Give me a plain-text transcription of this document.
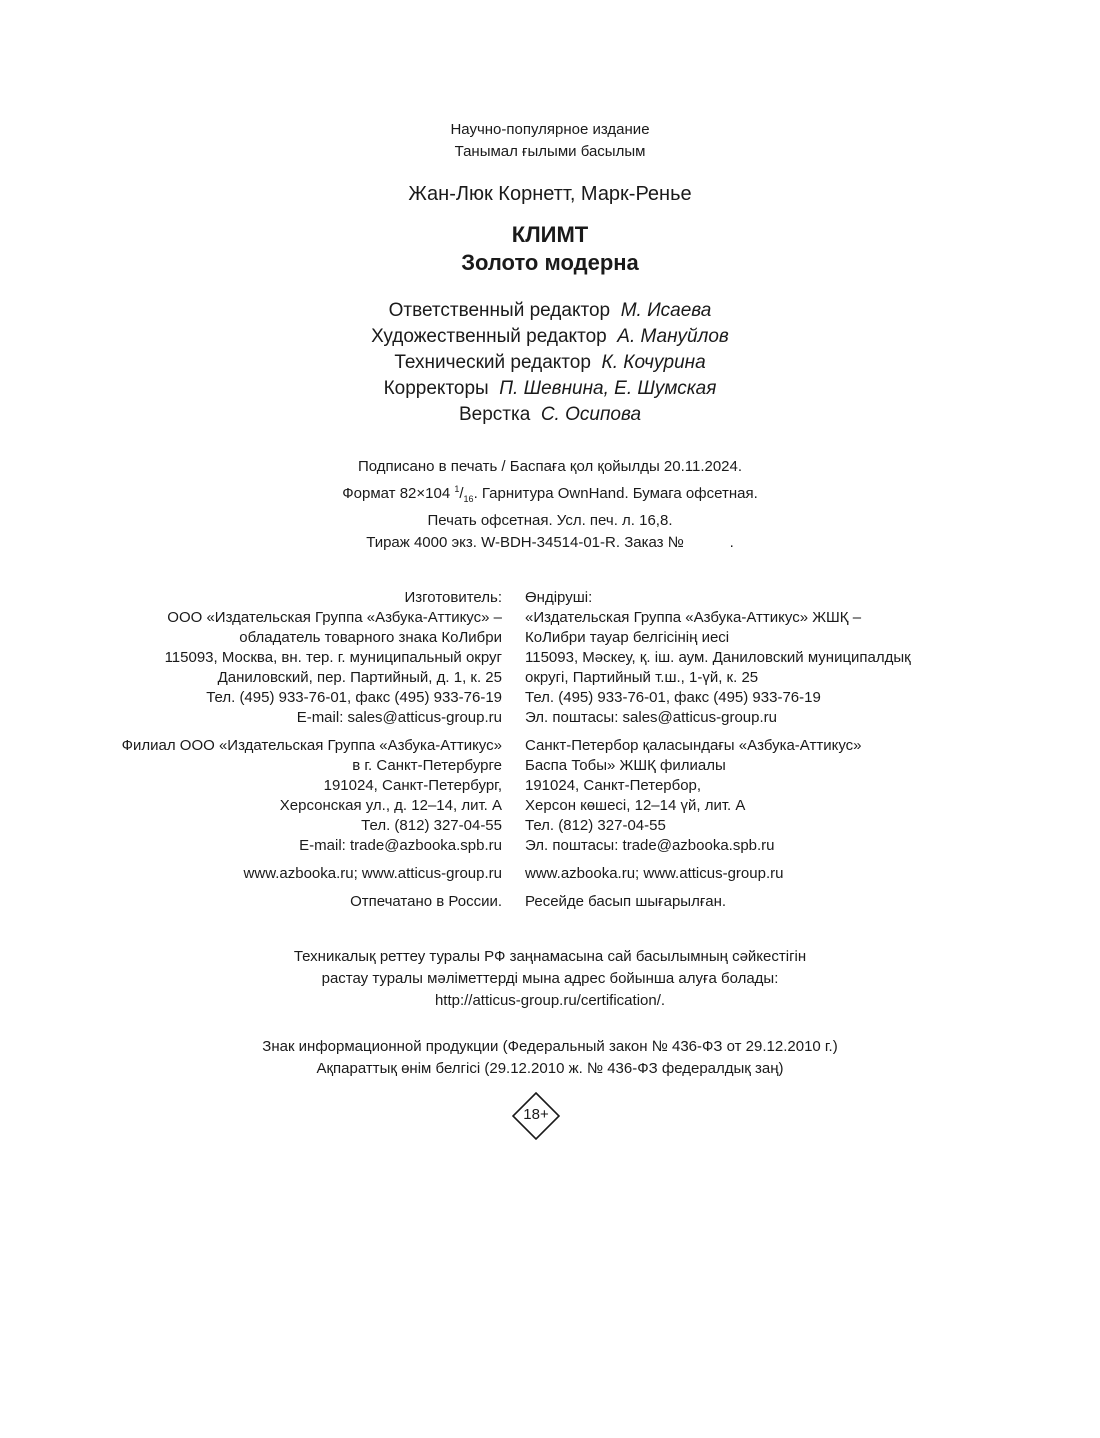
Научно-популярное издание
Танымал ғылыми басылым
Жан-Люк Корнетт, Марк-Ренье
КЛИМТ
Золото модерна
Ответственный редактор М. Исаева
Художественный редактор А. Мануйлов
Технический редактор К. Кочурина
Корректоры П. Шевнина, Е. Шумская
Верстка С. Осипова
Подписано в печать / Баспаға қол қойылды 20.11.2024.
Формат 82×104 $^1/_{16}$. Гарнитура OwnHand. Бумага офсетная.
Печать офсетная. Усл. печ. л. 16,8.
Тираж 4000 экз. W-BDH-34514-01-R. Заказ №           .
Изготовитель:
ООО «Издательская Группа «Азбука-Аттикус» –
обладатель товарного знака КоЛибри
115093, Москва, вн. тер. г. муниципальный округ
Даниловский, пер. Партийный, д. 1, к. 25
Тел. (495) 933-76-01, факс (495) 933-76-19
E-mail: sales@atticus-group.ru
Өндіруші:
«Издательская Группа «Азбука-Аттикус» ЖШҚ –
КоЛибри тауар белгісінің иесі
115093, Мәскеу, қ. іш. аум. Даниловский муниципалдық
округі, Партийный т.ш., 1-үй, к. 25
Тел. (495) 933-76-01, факс (495) 933-76-19
Эл. поштасы: sales@atticus-group.ru
Филиал ООО «Издательская Группа «Азбука-Аттикус»
в г. Санкт-Петербурге
191024, Санкт-Петербург,
Херсонская ул., д. 12–14, лит. А
Тел. (812) 327-04-55
E-mail: trade@azbooka.spb.ru
Санкт-Петербор қаласындағы «Азбука-Аттикус»
Баспа Тобы» ЖШҚ филиалы
191024, Санкт-Петербор,
Херсон көшесі, 12–14 үй, лит. А
Тел. (812) 327-04-55
Эл. поштасы: trade@azbooka.spb.ru
www.azbooka.ru; www.atticus-group.ru	www.azbooka.ru; www.atticus-group.ru
Отпечатано в России.	Ресейде басып шығарылған.
Техникалық реттеу туралы РФ заңнамасына сай басылымның сәйкестігін
растау туралы мәліметтерді мына адрес бойынша алуға болады:
http://atticus-group.ru/certification/.
Знак информационной продукции (Федеральный закон № 436-ФЗ от 29.12.2010 г.)
Ақпараттық өнім белгісі (29.12.2010 ж. № 436-ФЗ федералдық заң)
18+
